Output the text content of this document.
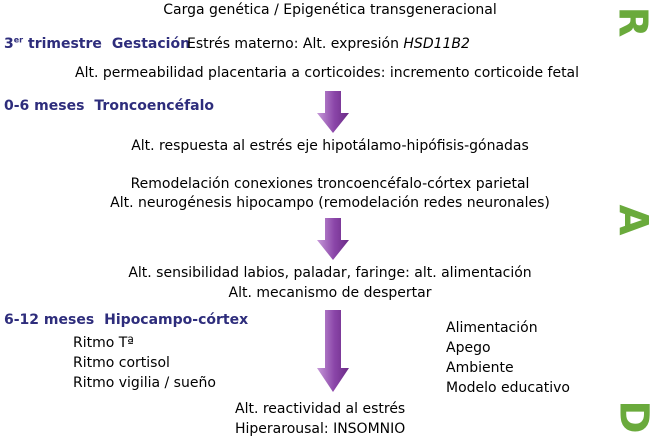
Carga genética / Epigenética transgeneracional
3er trimestre Gestación
Estrés materno: Alt. expresión HSD11B2
Alt. permeabilidad placentaria a corticoides: incremento corticoide fetal
0-6 meses Troncoencéfalo
Alt. respuesta al estrés eje hipotálamo-hipófisis-gónadas
Remodelación conexiones troncoencéfalo-córtex parietal
Alt. neurogénesis hipocampo (remodelación redes neuronales)
Alt. sensibilidad labios, paladar, faringe: alt. alimentación
Alt. mecanismo de despertar
6-12 meses Hipocampo-córtex
Ritmo Tª
Ritmo cortisol
Ritmo vigilia / sueño
Alimentación
Apego
Ambiente
Modelo educativo
Alt. reactividad al estrés
Hiperarousal: INSOMNIO
R
A
D
